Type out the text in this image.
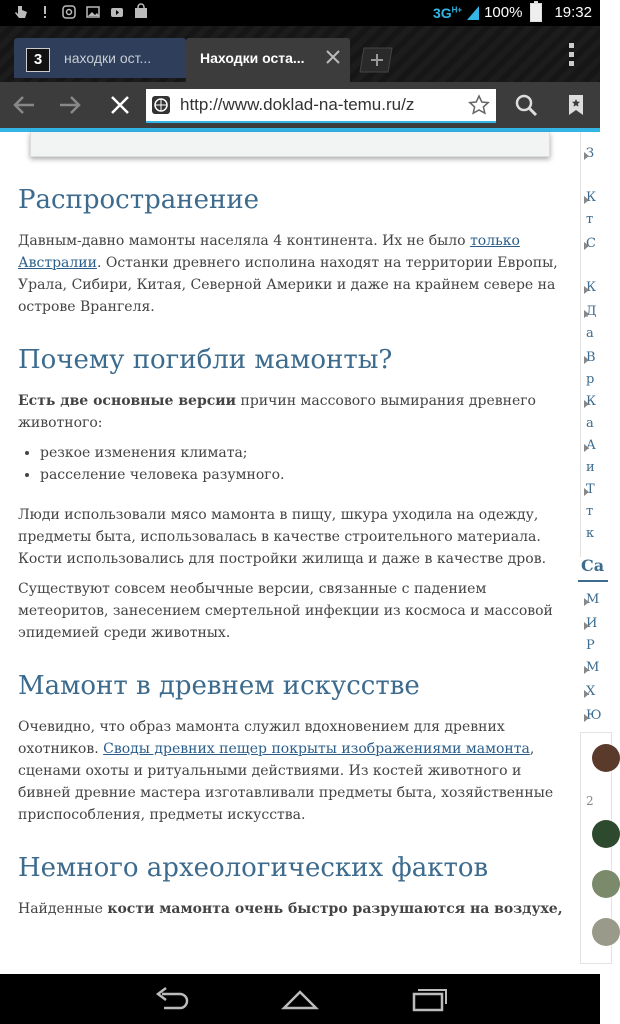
$3G^{H+}$ 100% 19:32
3	находки ост...	Находки оста...
http://www.doklad-na-temu.ru/z
Распространение

Давным-давно мамонты населяла 4 континента. Их не было только Австралии. Останки древнего исполина находят на территории Европы, Урала, Сибири, Китая, Северной Америки и даже на крайнем севере на острове Врангеля.

Почему погибли мамонты?

Есть две основные версии причин массового вымирания древнего животного:

• резкое изменения климата;
• расселение человека разумного.

Люди использовали мясо мамонта в пищу, шкура уходила на одежду, предметы быта, использовалась в качестве строительного материала. Кости использовались для постройки жилища и даже в качестве дров.

Существуют совсем необычные версии, связанные с падением метеоритов, занесением смертельной инфекции из космоса и массовой эпидемией среди животных.

Мамонт в древнем искусстве

Очевидно, что образ мамонта служил вдохновением для древних охотников. Своды древних пещер покрыты изображениями мамонта, сценами охоты и ритуальными действиями. Из костей животного и бивней древние мастера изготавливали предметы быта, хозяйственные приспособления, предметы искусства.

Немного археологических фактов

Найденные кости мамонта очень быстро разрушаются на воздухе,

З
К
т
С
К
Д
а
В
р
К
а
А
и
Т
т
к
Са
М
И
Р
М
Х
Ю
2
